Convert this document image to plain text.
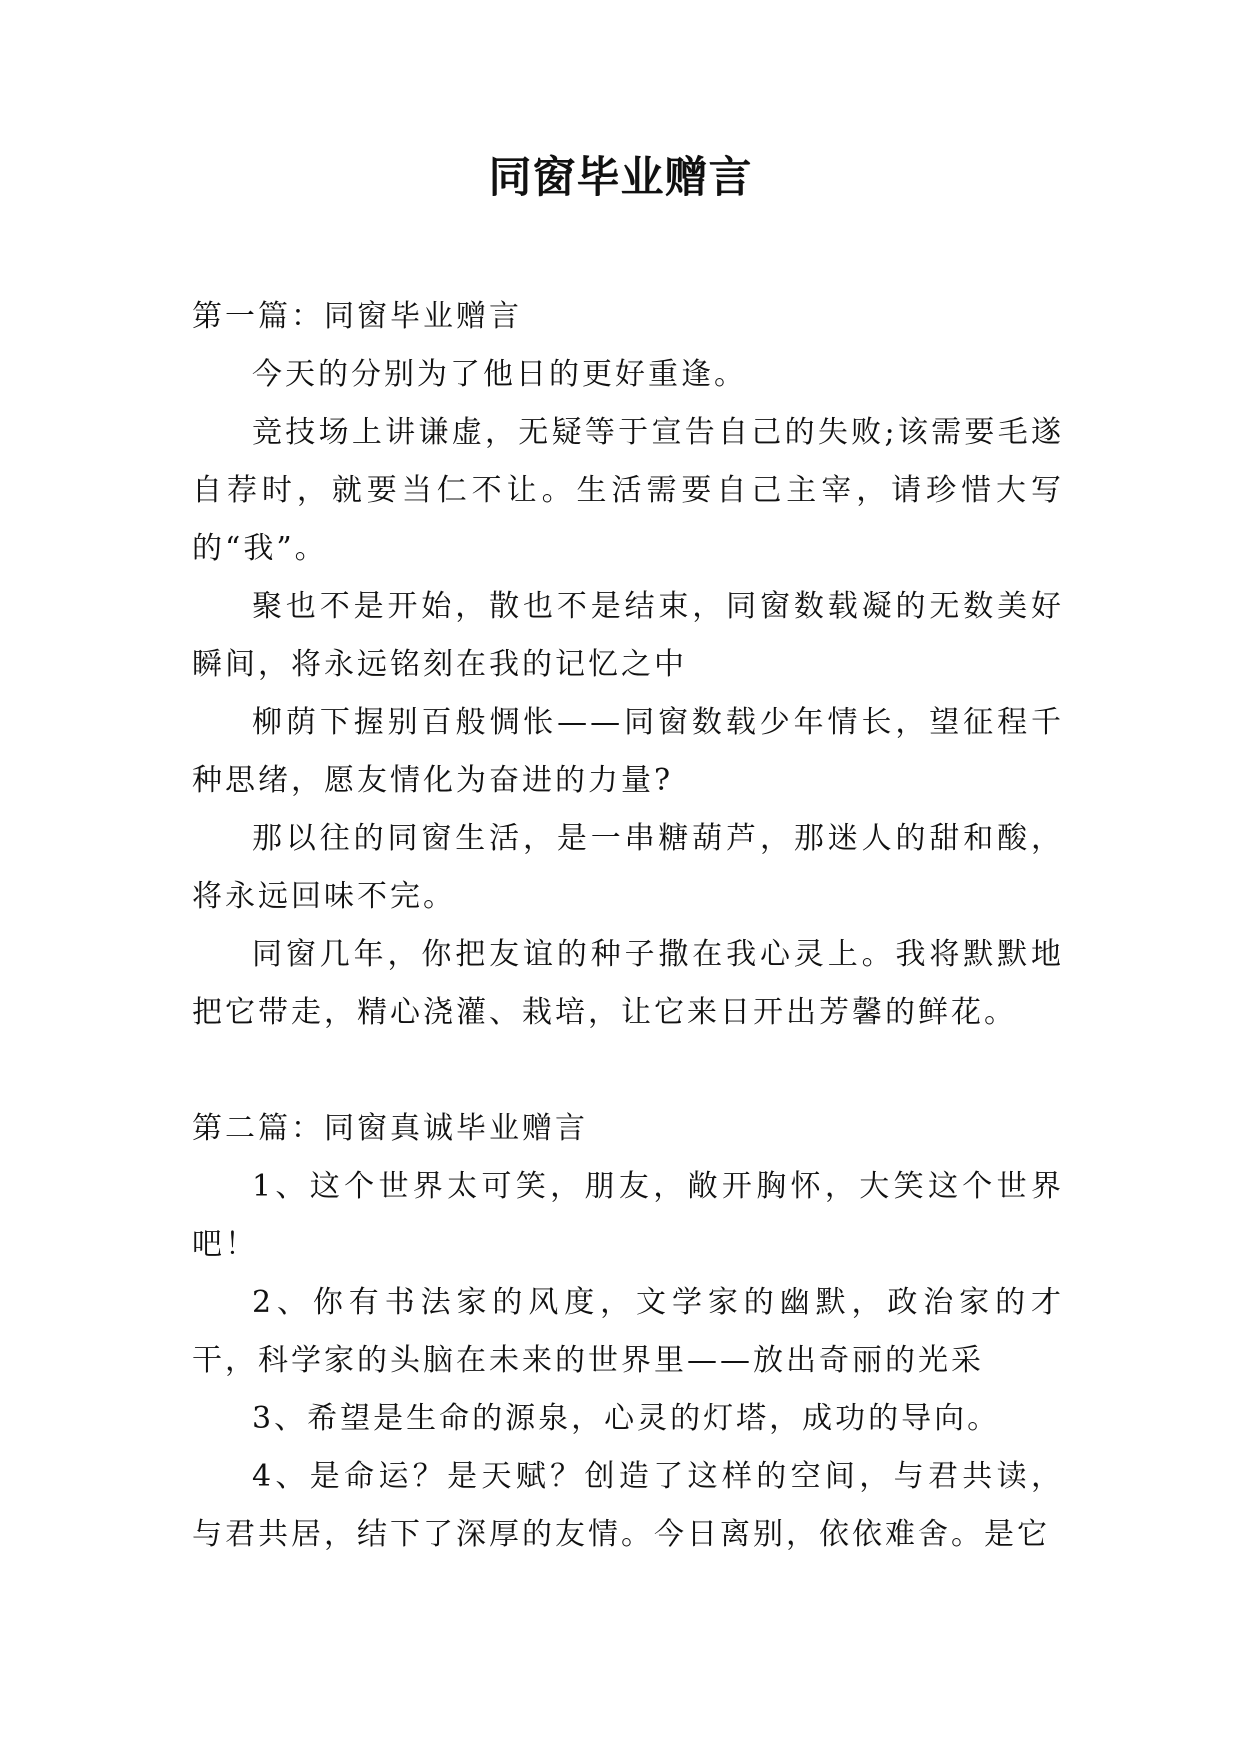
同窗毕业赠言

第一篇：同窗毕业赠言

今天的分别为了他日的更好重逢。

竞技场上讲谦虚，无疑等于宣告自己的失败;该需要毛遂自荐时，就要当仁不让。生活需要自己主宰，请珍惜大写的“我”。

聚也不是开始，散也不是结束，同窗数载凝的无数美好瞬间，将永远铭刻在我的记忆之中

柳荫下握别百般惆怅——同窗数载少年情长，望征程千种思绪，愿友情化为奋进的力量?

那以往的同窗生活，是一串糖葫芦，那迷人的甜和酸，将永远回味不完。

同窗几年，你把友谊的种子撒在我心灵上。我将默默地把它带走，精心浇灌、栽培，让它来日开出芳馨的鲜花。

第二篇：同窗真诚毕业赠言

1、这个世界太可笑，朋友，敞开胸怀，大笑这个世界吧！

2、你有书法家的风度，文学家的幽默，政治家的才干，科学家的头脑在未来的世界里——放出奇丽的光采

3、希望是生命的源泉，心灵的灯塔，成功的导向。

4、是命运？是天赋？创造了这样的空间，与君共读，与君共居，结下了深厚的友情。今日离别，依依难舍。是它
